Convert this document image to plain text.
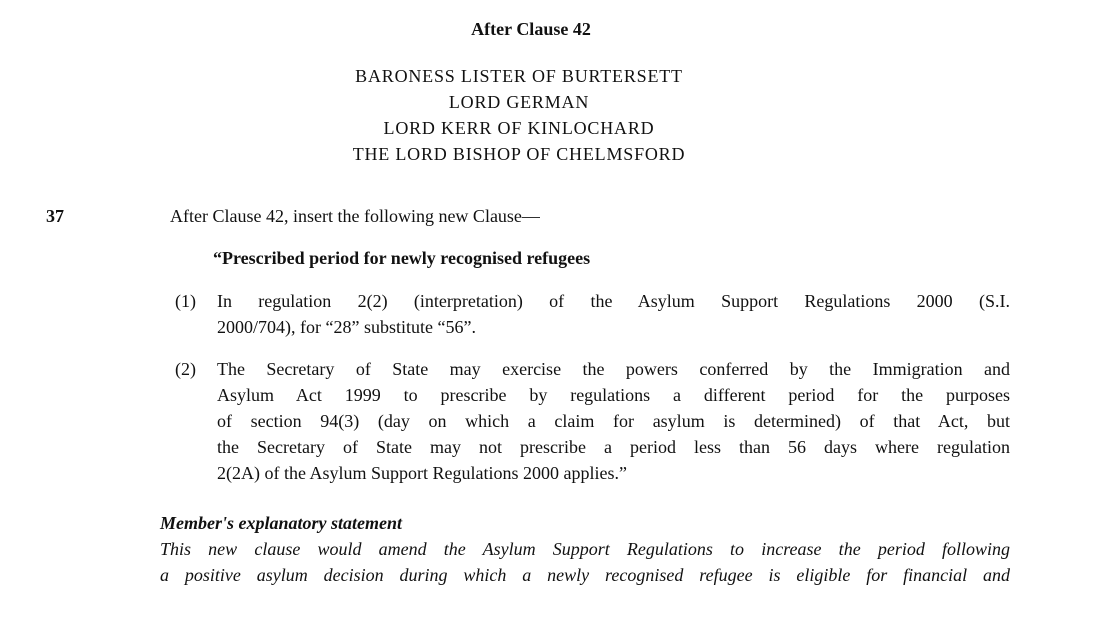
After Clause 42
BARONESS LISTER OF BURTERSETT
LORD GERMAN
LORD KERR OF KINLOCHARD
THE LORD BISHOP OF CHELMSFORD
37	After Clause 42, insert the following new Clause—
“Prescribed period for newly recognised refugees
(1)	In regulation 2(2) (interpretation) of the Asylum Support Regulations 2000 (S.I.
2000/704), for “28” substitute “56”.
(2)	The Secretary of State may exercise the powers conferred by the Immigration and
Asylum Act 1999 to prescribe by regulations a different period for the purposes
of section 94(3) (day on which a claim for asylum is determined) of that Act, but
the Secretary of State may not prescribe a period less than 56 days where regulation
2(2A) of the Asylum Support Regulations 2000 applies.”
Member's explanatory statement
This new clause would amend the Asylum Support Regulations to increase the period following
a positive asylum decision during which a newly recognised refugee is eligible for financial and
